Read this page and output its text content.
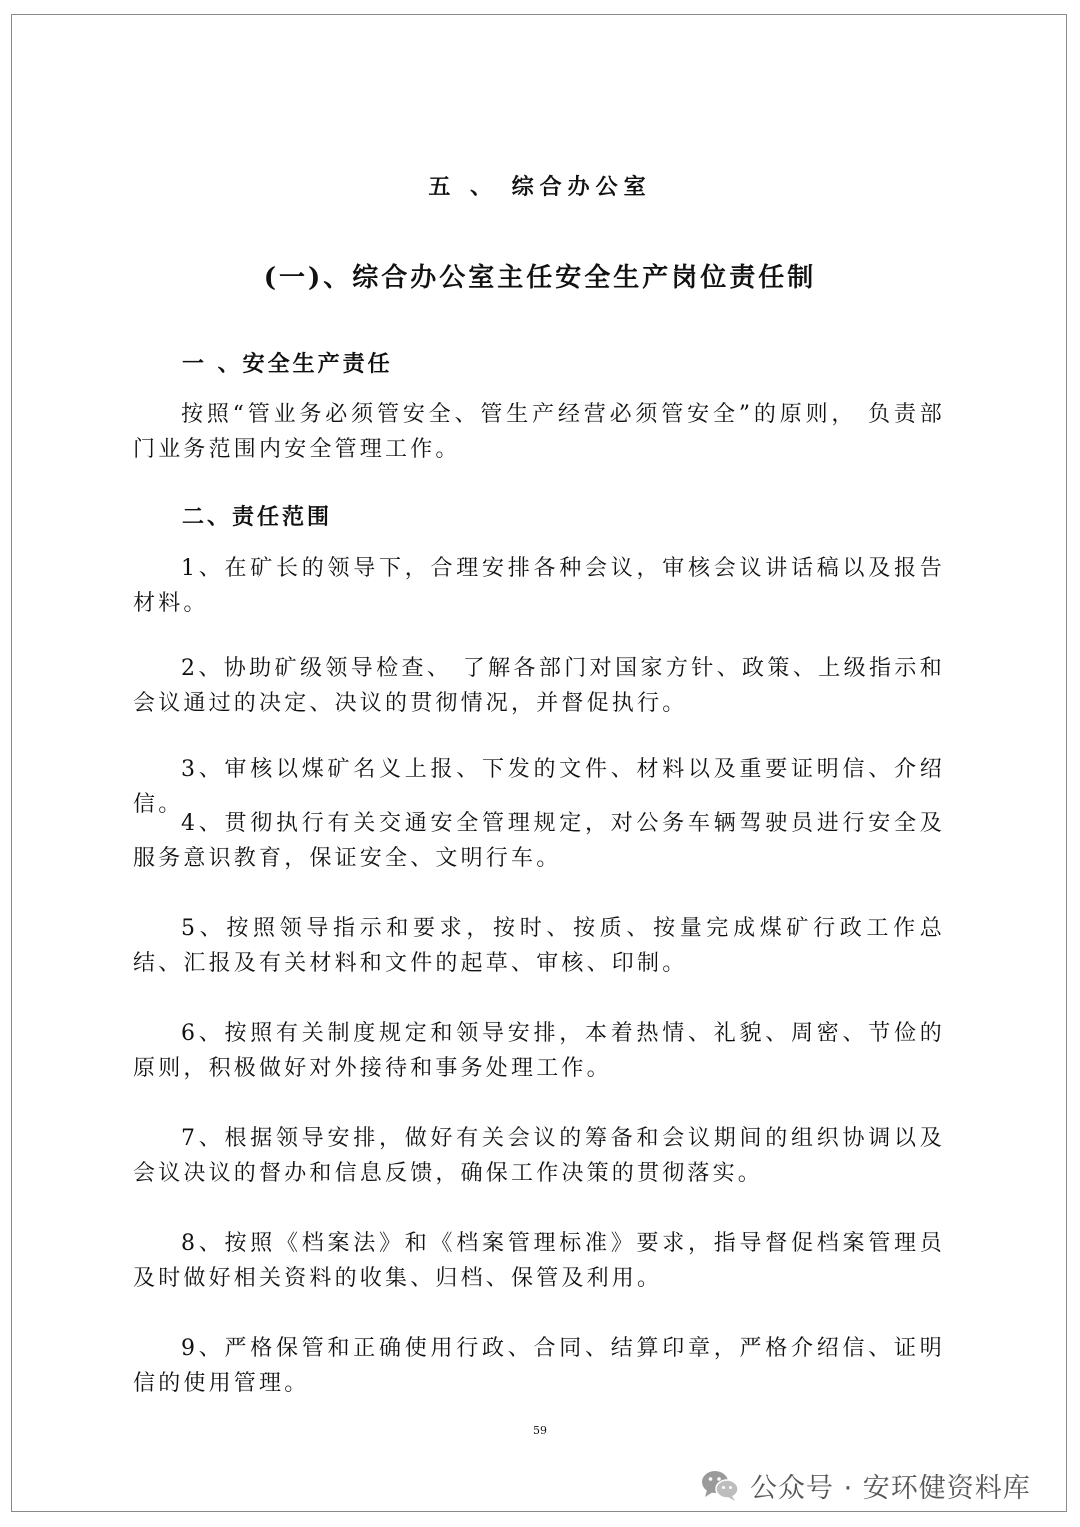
五 、 综合办公室
(一)、综合办公室主任安全生产岗位责任制
一 、安全生产责任

按照“管业务必须管安全、管生产经营必须管安全”的原则， 负责部门业务范围内安全管理工作。

二、责任范围

1、在矿长的领导下，合理安排各种会议，审核会议讲话稿以及报告材料。

2、协助矿级领导检查、 了解各部门对国家方针、政策、上级指示和会议通过的决定、决议的贯彻情况，并督促执行。

3、审核以煤矿名义上报、下发的文件、材料以及重要证明信、介绍信。

4、贯彻执行有关交通安全管理规定，对公务车辆驾驶员进行安全及服务意识教育，保证安全、文明行车。

5、按照领导指示和要求，按时、按质、按量完成煤矿行政工作总结、汇报及有关材料和文件的起草、审核、印制。

6、按照有关制度规定和领导安排，本着热情、礼貌、周密、节俭的原则，积极做好对外接待和事务处理工作。

7、根据领导安排，做好有关会议的筹备和会议期间的组织协调以及会议决议的督办和信息反馈，确保工作决策的贯彻落实。

8、按照《档案法》和《档案管理标准》要求，指导督促档案管理员及时做好相关资料的收集、归档、保管及利用。

9、严格保管和正确使用行政、合同、结算印章，严格介绍信、证明信的使用管理。

59
公众号 · 安环健资料库
